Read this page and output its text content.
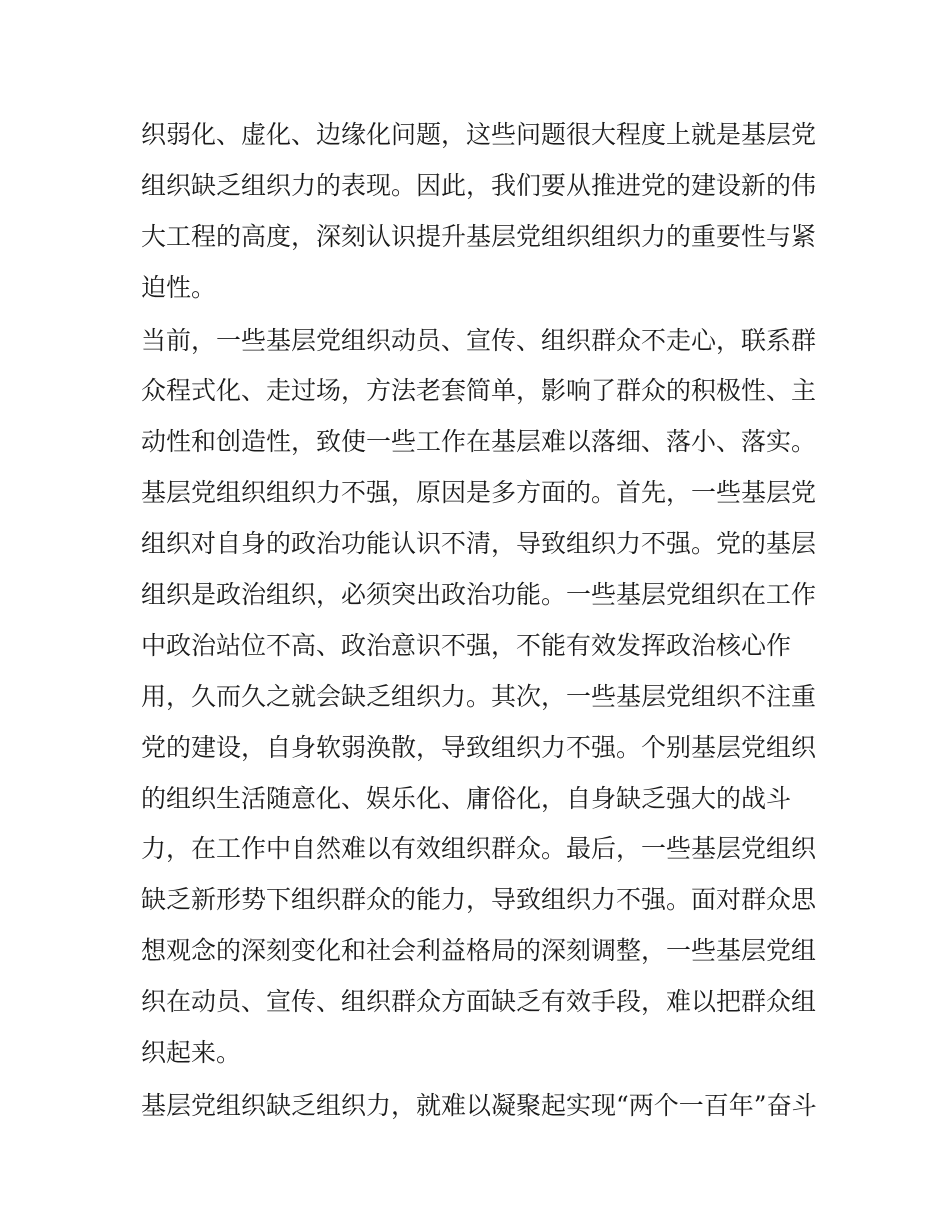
织弱化、虚化、边缘化问题，这些问题很大程度上就是基层党
组织缺乏组织力的表现。因此，我们要从推进党的建设新的伟
大工程的高度，深刻认识提升基层党组织组织力的重要性与紧
迫性。
当前，一些基层党组织动员、宣传、组织群众不走心，联系群
众程式化、走过场，方法老套简单，影响了群众的积极性、主
动性和创造性，致使一些工作在基层难以落细、落小、落实。
基层党组织组织力不强，原因是多方面的。首先，一些基层党
组织对自身的政治功能认识不清，导致组织力不强。党的基层
组织是政治组织，必须突出政治功能。一些基层党组织在工作
中政治站位不高、政治意识不强，不能有效发挥政治核心作
用，久而久之就会缺乏组织力。其次，一些基层党组织不注重
党的建设，自身软弱涣散，导致组织力不强。个别基层党组织
的组织生活随意化、娱乐化、庸俗化，自身缺乏强大的战斗
力，在工作中自然难以有效组织群众。最后，一些基层党组织
缺乏新形势下组织群众的能力，导致组织力不强。面对群众思
想观念的深刻变化和社会利益格局的深刻调整，一些基层党组
织在动员、宣传、组织群众方面缺乏有效手段，难以把群众组
织起来。
基层党组织缺乏组织力，就难以凝聚起实现“两个一百年”奋斗
